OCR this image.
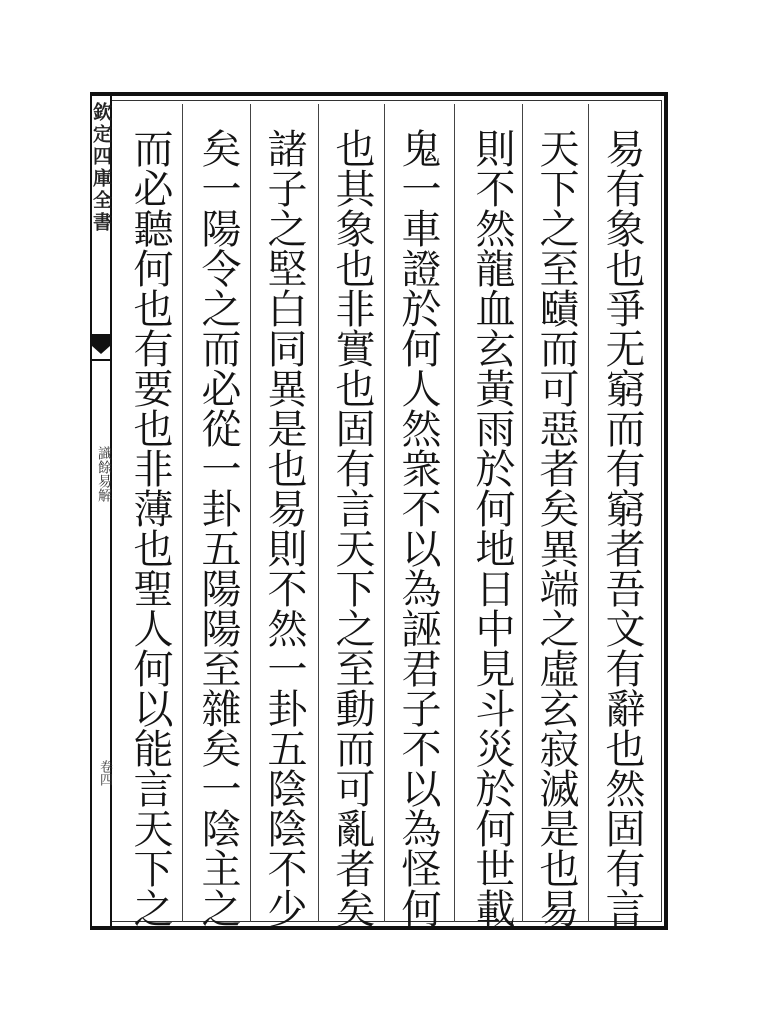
欽定四庫全書
識餘易解
卷四	易有象也爭无窮而有窮者吾文有辭也然固有言
天下之至賾而可惡者矣異端之虛玄寂滅是也易
則不然龍血玄黃雨於何地日中見斗災於何世載
鬼一車證於何人然衆不以為誣君子不以為怪何
也其象也非實也固有言天下之至動而可亂者矣
諸子之堅白同異是也易則不然一卦五陰陰不少
矣一陽令之而必從一卦五陽陽至雜矣一陰主之
而必聽何也有要也非薄也聖人何以能言天下之
